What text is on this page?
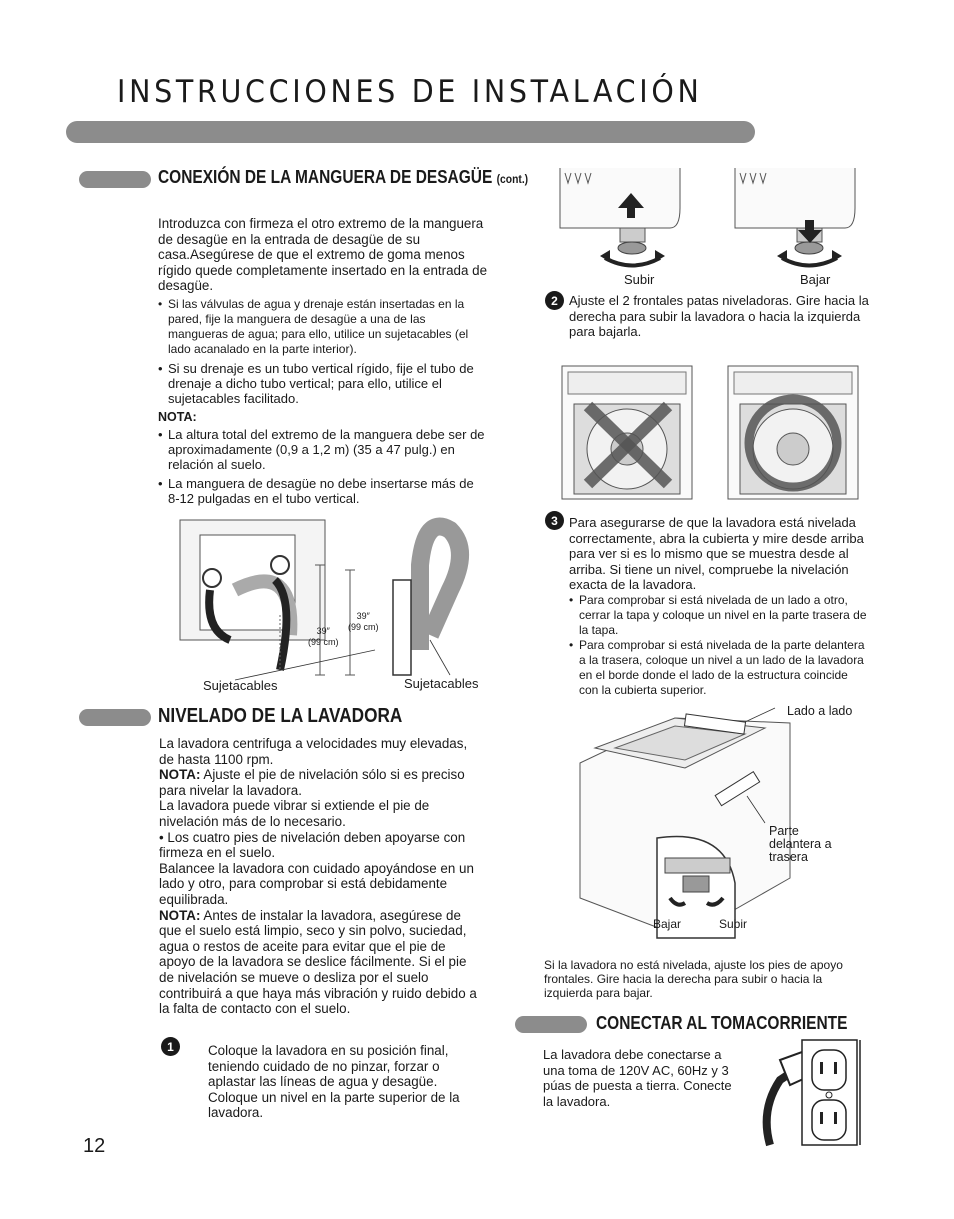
INSTRUCCIONES DE INSTALACIÓN
CONEXIÓN DE LA MANGUERA DE DESAGÜE (cont.)

Introduzca con firmeza el otro extremo de la manguera de desagüe en la entrada de desagüe de su casa.Asegúrese de que el extremo de goma menos rígido quede completamente insertado en la entrada de desagüe.

• Si las válvulas de agua y drenaje están insertadas en la pared, fije la manguera de desagüe a una de las mangueras de agua; para ello, utilice un sujetacables (el lado acanalado en la parte interior).

• Si su drenaje es un tubo vertical rígido, fije el tubo de drenaje a dicho tubo vertical; para ello, utilice el sujetacables facilitado.

NOTA:

• La altura total del extremo de la manguera debe ser de aproximadamente (0,9 a 1,2 m) (35 a 47 pulg.) en relación al suelo.

• La manguera de desagüe no debe insertarse más de 8-12 pulgadas en el tubo vertical.

39″
(99 cm)
39″
(99 cm)
Sujetacables	Sujetacables
NIVELADO DE LA LAVADORA

La lavadora centrifuga a velocidades muy elevadas, de hasta 1100 rpm.

NOTA: Ajuste el pie de nivelación sólo si es preciso para nivelar la lavadora.

La lavadora puede vibrar si extiende el pie de nivelación más de lo necesario.

• Los cuatro pies de nivelación deben apoyarse con firmeza en el suelo.

Balancee la lavadora con cuidado apoyándose en un lado y otro, para comprobar si está debidamente equilibrada.

NOTA: Antes de instalar la lavadora, asegúrese de que el suelo está limpio, seco y sin polvo, suciedad, agua o restos de aceite para evitar que el pie de apoyo de la lavadora se deslice fácilmente. Si el pie de nivelación se mueve o desliza por el suelo contribuirá a que haya más vibración y ruido debido a la falta de contacto con el suelo.

1	Coloque la lavadora en su posición final, teniendo cuidado de no pinzar, forzar o aplastar las líneas de agua y desagüe. Coloque un nivel en la parte superior de la lavadora.
12
Subir	Bajar
2 Ajuste el 2 frontales patas niveladoras. Gire hacia la derecha para subir la lavadora o hacia la izquierda para bajarla.
3 Para asegurarse de que la lavadora está nivelada correctamente, abra la cubierta y mire desde arriba para ver si es lo mismo que se muestra desde al arriba. Si tiene un nivel, compruebe la nivelación exacta de la lavadora.

• Para comprobar si está nivelada de un lado a otro, cerrar la tapa y coloque un nivel en la parte trasera de la tapa.

• Para comprobar si está nivelada de la parte delantera a la trasera, coloque un nivel a un lado de la lavadora en el borde donde el lado de la estructura coincide con la cubierta superior.

Lado a lado
Parte delantera a trasera
Bajar	Subir
Si la lavadora no está nivelada, ajuste los pies de apoyo frontales. Gire hacia la derecha para subir o hacia la izquierda para bajar.
CONECTAR AL TOMACORRIENTE
La lavadora debe conectarse a una toma de 120V AC, 60Hz y 3 púas de puesta a tierra. Conecte la lavadora.
